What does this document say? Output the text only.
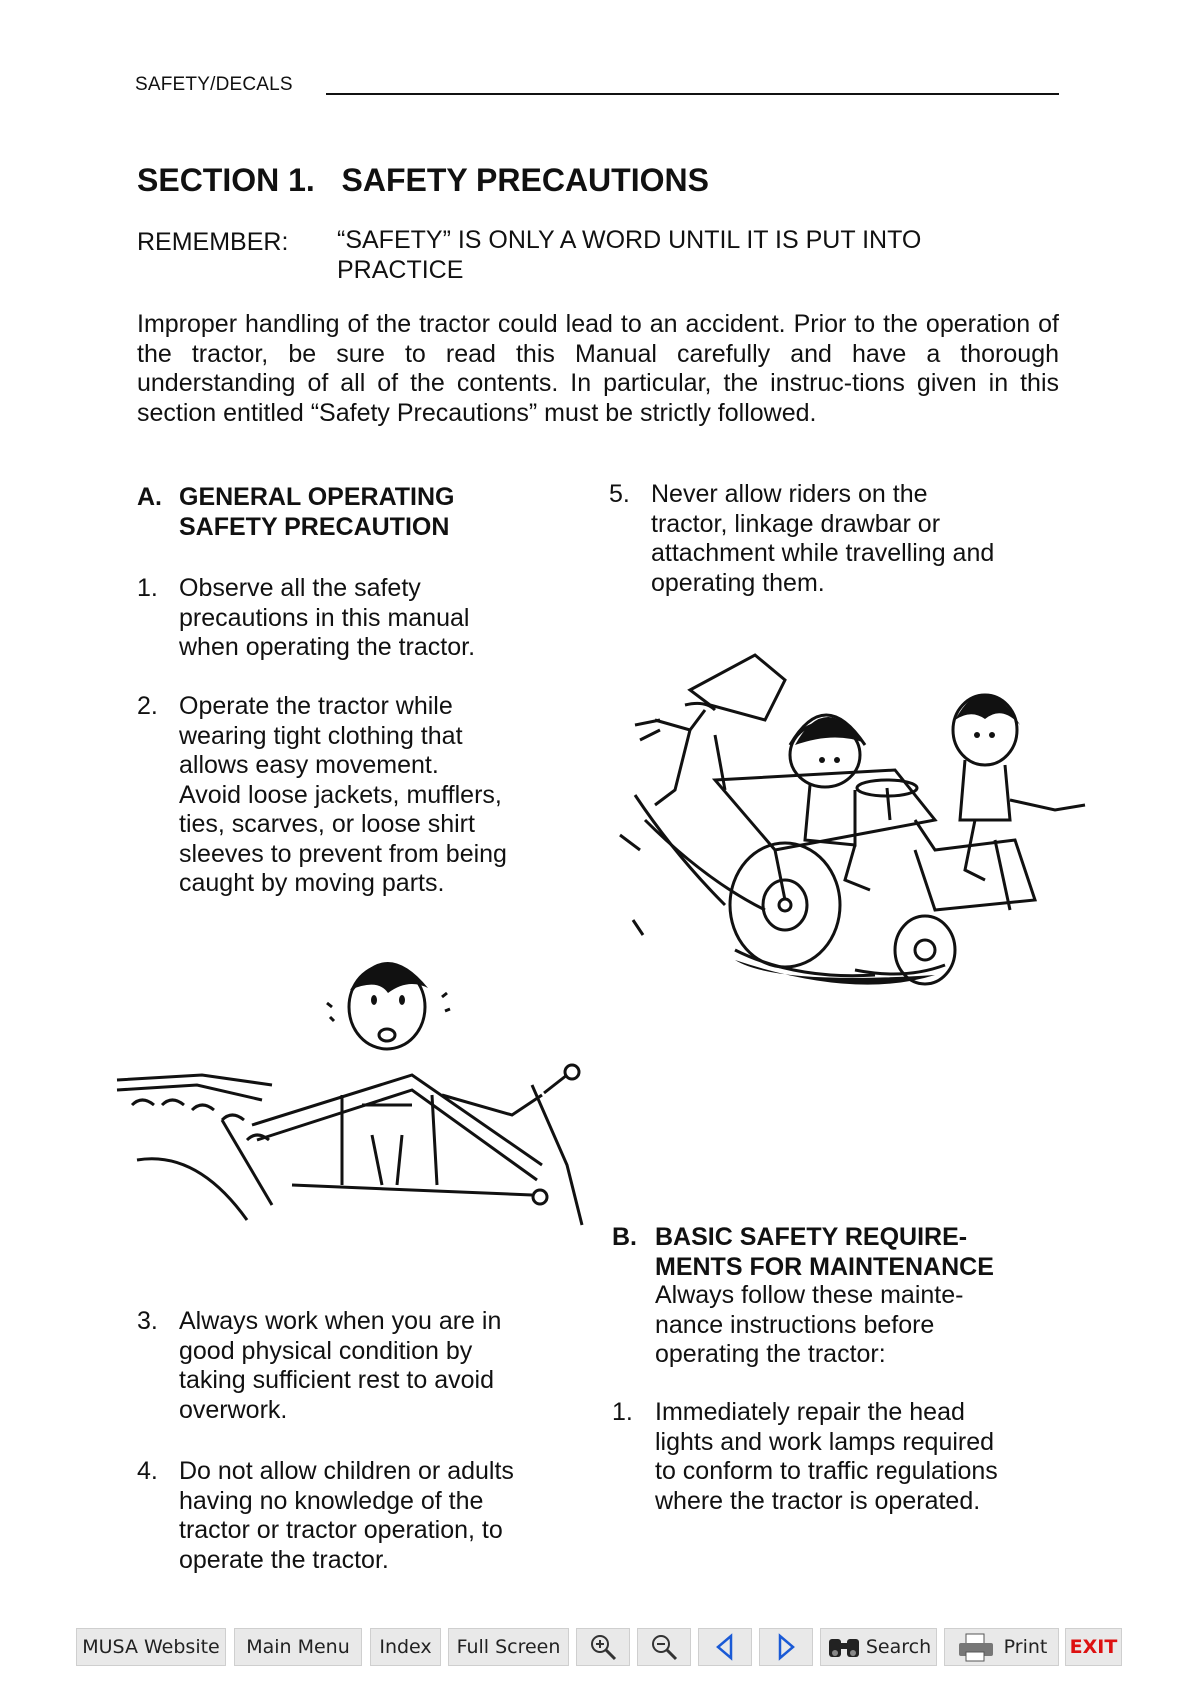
SAFETY/DECALS
SECTION 1.   SAFETY PRECAUTIONS
REMEMBER: “SAFETY” IS ONLY A WORD UNTIL IT IS PUT INTO
PRACTICE
Improper handling of the tractor could lead to an accident. Prior to the operation of the tractor, be sure to read this Manual carefully and have a thorough understanding of all of the contents. In particular, the instruc-tions given in this section entitled “Safety Precautions” must be strictly followed.
A. GENERAL OPERATING
SAFETY PRECAUTION
1. Observe all the safety
precautions in this manual
when operating the tractor.
2. Operate the tractor while
wearing tight clothing that
allows easy movement.
Avoid loose jackets, mufflers,
ties, scarves, or loose shirt
sleeves to prevent from being
caught by moving parts.
3. Always work when you are in
good physical condition by
taking sufficient rest to avoid
overwork.
4. Do not allow children or adults
having no knowledge of the
tractor or tractor operation, to
operate the tractor.
5. Never allow riders on the
tractor, linkage drawbar or
attachment while travelling and
operating them.
B. BASIC SAFETY REQUIRE-
MENTS FOR MAINTENANCE
Always follow these mainte-
nance instructions before
operating the tractor:
1. Immediately repair the head
lights and work lamps required
to conform to traffic regulations
where the tractor is operated.
MUSA Website	Main Menu	Index	Full Screen	Search	Print EXIT
